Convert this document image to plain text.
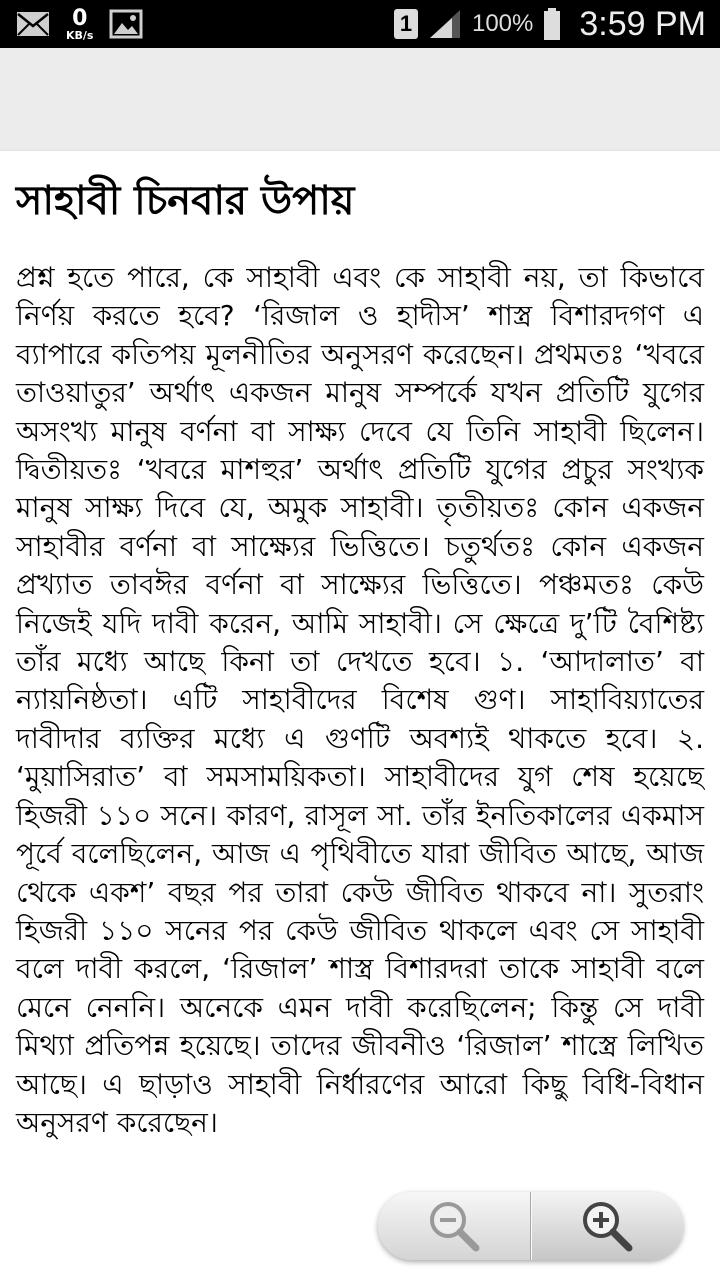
0
KB/s	1 100% 3:59 PM
সাহাবী চিনবার উপায়

প্রশ্ন হতে পারে, কে সাহাবী এবং কে সাহাবী নয়, তা কিভাবে নির্ণয় করতে হবে? ‘রিজাল ও হাদীস’ শাস্ত্র বিশারদগণ এ ব্যাপারে কতিপয় মূলনীতির অনুসরণ করেছেন। প্রথমতঃ ‘খবরে তাওয়াতুর’ অর্থাৎ একজন মানুষ সম্পর্কে যখন প্রতিটি যুগের অসংখ্য মানুষ বর্ণনা বা সাক্ষ্য দেবে যে তিনি সাহাবী ছিলেন। দ্বিতীয়তঃ ‘খবরে মাশহুর’ অর্থাৎ প্রতিটি যুগের প্রচুর সংখ্যক মানুষ সাক্ষ্য দিবে যে, অমুক সাহাবী। তৃতীয়তঃ কোন একজন সাহাবীর বর্ণনা বা সাক্ষ্যের ভিত্তিতে। চতুর্থতঃ কোন একজন প্রখ্যাত তাবঈর বর্ণনা বা সাক্ষ্যের ভিত্তিতে। পঞ্চমতঃ কেউ নিজেই যদি দাবী করেন, আমি সাহাবী। সে ক্ষেত্রে দু’টি বৈশিষ্ট্য তাঁর মধ্যে আছে কিনা তা দেখতে হবে। ১. ‘আদালাত’ বা ন্যায়নিষ্ঠতা। এটি সাহাবীদের বিশেষ গুণ। সাহাবিয়্যাতের দাবীদার ব্যক্তির মধ্যে এ গুণটি অবশ্যই থাকতে হবে। ২. ‘মুয়াসিরাত’ বা সমসাময়িকতা। সাহাবীদের যুগ শেষ হয়েছে হিজরী ১১০ সনে। কারণ, রাসূল সা. তাঁর ইনতিকালের একমাস পূর্বে বলেছিলেন, আজ এ পৃথিবীতে যারা জীবিত আছে, আজ থেকে একশ’ বছর পর তারা কেউ জীবিত থাকবে না। সুতরাং হিজরী ১১০ সনের পর কেউ জীবিত থাকলে এবং সে সাহাবী বলে দাবী করলে, ‘রিজাল’ শাস্ত্র বিশারদরা তাকে সাহাবী বলে মেনে নেননি। অনেকে এমন দাবী করেছিলেন; কিন্তু সে দাবী মিথ্যা প্রতিপন্ন হয়েছে। তাদের জীবনীও ‘রিজাল’ শাস্ত্রে লিখিত আছে। এ ছাড়াও সাহাবী নির্ধারণের আরো কিছু বিধি-বিধান অনুসরণ করেছেন।
